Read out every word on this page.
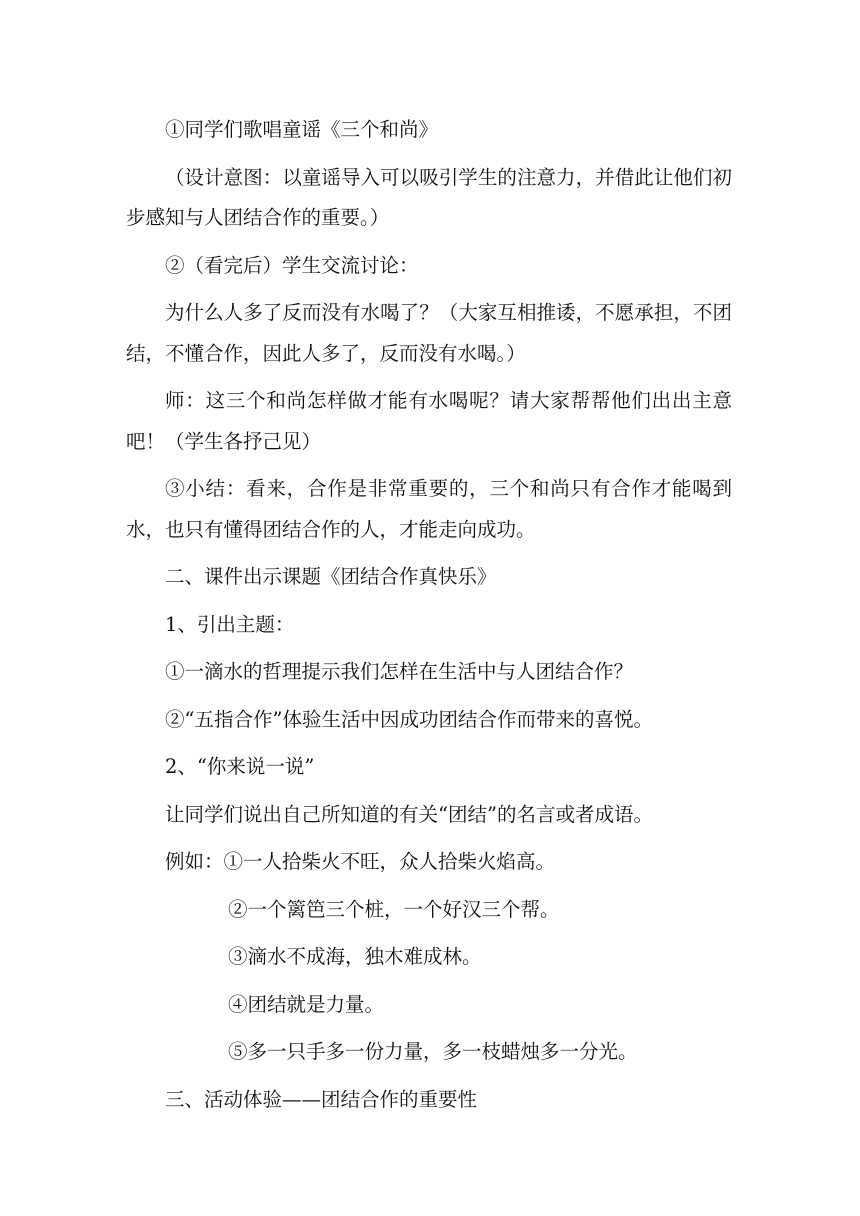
①同学们歌唱童谣《三个和尚》

（设计意图：以童谣导入可以吸引学生的注意力，并借此让他们初步感知与人团结合作的重要。）

②（看完后）学生交流讨论：

为什么人多了反而没有水喝了？（大家互相推诿，不愿承担，不团结，不懂合作，因此人多了，反而没有水喝。）

师：这三个和尚怎样做才能有水喝呢？请大家帮帮他们出出主意吧！（学生各抒己见）

③小结：看来，合作是非常重要的，三个和尚只有合作才能喝到水，也只有懂得团结合作的人，才能走向成功。

二、课件出示课题《团结合作真快乐》

1、引出主题：

①一滴水的哲理提示我们怎样在生活中与人团结合作？

②“五指合作”体验生活中因成功团结合作而带来的喜悦。

2、“你来说一说”

让同学们说出自己所知道的有关“团结”的名言或者成语。

例如：①一人拾柴火不旺，众人拾柴火焰高。

②一个篱笆三个桩，一个好汉三个帮。

③滴水不成海，独木难成林。

④团结就是力量。

⑤多一只手多一份力量，多一枝蜡烛多一分光。

三、活动体验——团结合作的重要性
